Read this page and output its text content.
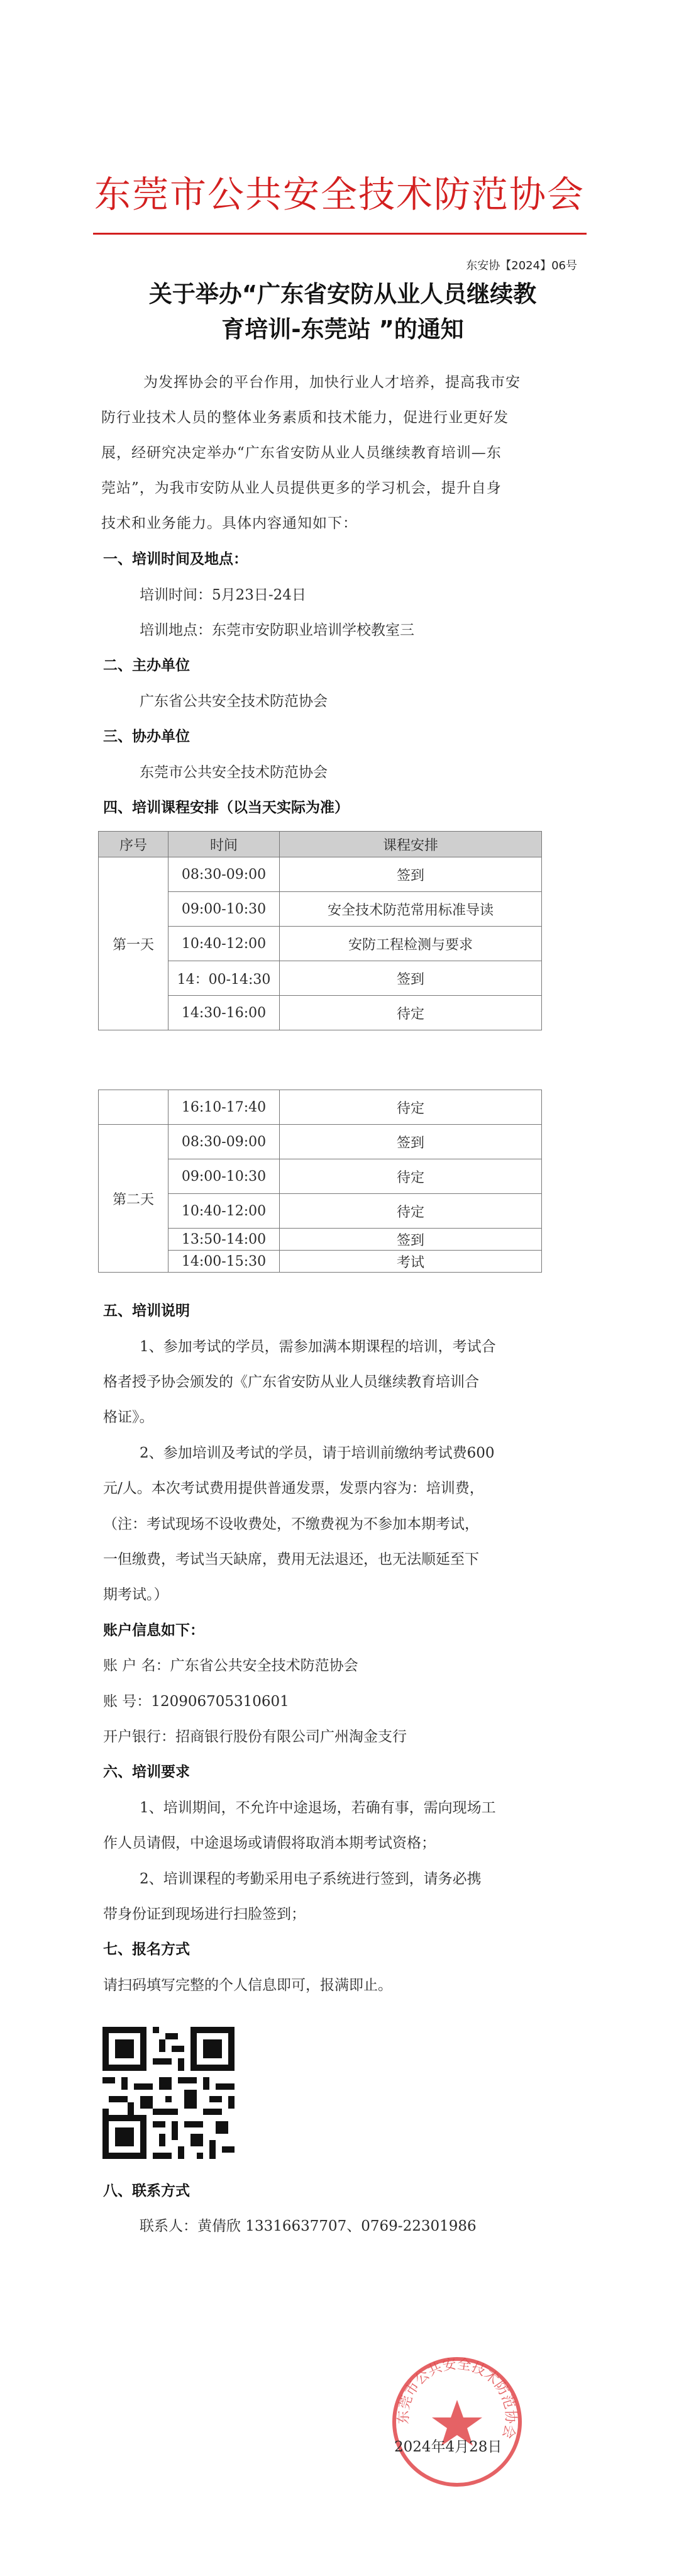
东莞市公共安全技术防范协会
东安协【2024】06号
关于举办“广东省安防从业人员继续教
育培训-东莞站 ”的通知
为发挥协会的平台作用，加快行业人才培养，提高我市安
防行业技术人员的整体业务素质和技术能力，促进行业更好发
展，经研究决定举办“广东省安防从业人员继续教育培训—东
莞站”，为我市安防从业人员提供更多的学习机会，提升自身
技术和业务能力。具体内容通知如下：
一、培训时间及地点：
培训时间：5月23日-24日
培训地点：东莞市安防职业培训学校教室三
二、主办单位
广东省公共安全技术防范协会
三、协办单位
东莞市公共安全技术防范协会
四、培训课程安排（以当天实际为准）
序号	时间	课程安排
第一天	08:30-09:00	签到
	09:00-10:30	安全技术防范常用标准导读
	10:40-12:00	安防工程检测与要求
	14：00-14:30	签到
	14:30-16:00	待定
	16:10-17:40	待定
第二天	08:30-09:00	签到
	09:00-10:30	待定
	10:40-12:00	待定
	13:50-14:00	签到
	14:00-15:30	考试
五、培训说明
1、参加考试的学员，需参加满本期课程的培训，考试合
格者授予协会颁发的《广东省安防从业人员继续教育培训合
格证》。
2、参加培训及考试的学员，请于培训前缴纳考试费600
元/人。本次考试费用提供普通发票，发票内容为：培训费，
（注：考试现场不设收费处，不缴费视为不参加本期考试，
一但缴费，考试当天缺席，费用无法退还，也无法顺延至下
期考试。）
账户信息如下：
账 户 名：广东省公共安全技术防范协会
账 号：120906705310601
开户银行：招商银行股份有限公司广州淘金支行
六、培训要求
1、培训期间，不允许中途退场，若确有事，需向现场工
作人员请假，中途退场或请假将取消本期考试资格；
2、培训课程的考勤采用电子系统进行签到，请务必携
带身份证到现场进行扫脸签到；
七、报名方式
请扫码填写完整的个人信息即可，报满即止。
八、联系方式
联系人：黄倩欣 13316637707、0769-22301986
东莞市公共安全技术防范协会
2024年4月28日
